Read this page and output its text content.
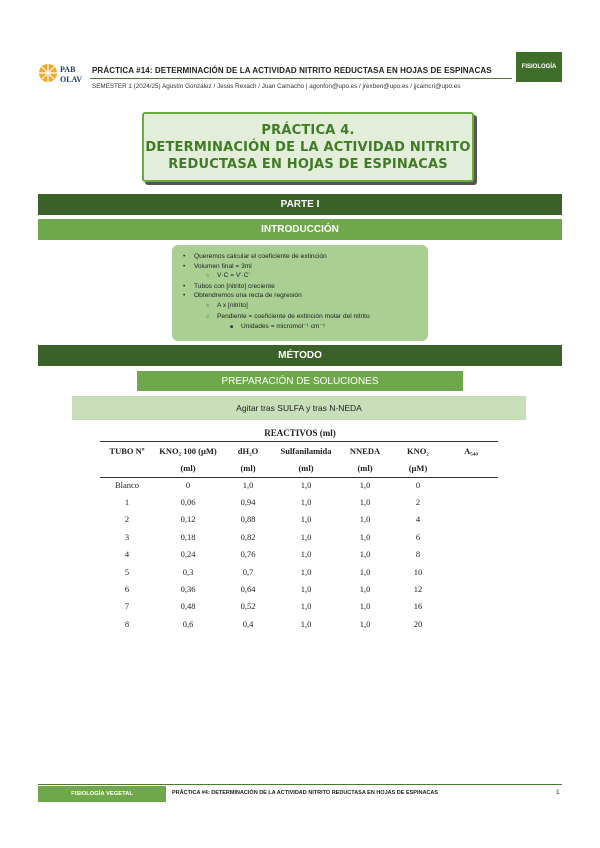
PAB
OLAV
PRÁCTICA #14: DETERMINACIÓN DE LA ACTIVIDAD NITRITO REDUCTASA EN HOJAS DE ESPINACAS
SEMESTER 1 (2024/25) Agustín González / Jesús Rexach / Juan Camacho | agonfon@upo.es / jrexben@upo.es / jjcamcri@upo.es
FISIOLOGÍA
PRÁCTICA 4.
DETERMINACIÓN DE LA ACTIVIDAD NITRITO
REDUCTASA EN HOJAS DE ESPINACAS
PARTE I
INTRODUCCIÓN
• Queremos calcular el coeficiente de extinción
• Volumen final = 3ml
○ V·C = V'·C'
• Tubos con [nitrito] creciente
• Obtendremos una recta de regresión
○ A x [nitrito]
○ Pendiente = coeficiente de extinción molar del nitrito
■ Unidades = micromol⁻¹ cm⁻¹
MÉTODO
PREPARACIÓN DE SOLUCIONES
Agitar tras SULFA y tras N-NEDA
REACTIVOS (ml)
TUBO Nº	KNO₂ 100 (µM)	dH₂O	Sulfanilamida	NNEDA	KNO₂	A₅₄₀
	(ml)	(ml)	(ml)	(ml)	(µM)	
Blanco	0	1,0	1,0	1,0	0	
1	0,06	0,94	1,0	1,0	2	
2	0,12	0,88	1,0	1,0	4	
3	0,18	0,82	1,0	1,0	6	
4	0,24	0,76	1,0	1,0	8	
5	0,3	0,7	1,0	1,0	10	
6	0,36	0,64	1,0	1,0	12	
7	0,48	0,52	1,0	1,0	16	
8	0,6	0,4	1,0	1,0	20	
FISIOLOGÍA VEGETAL	PRÁCTICA #4: DETERMINACIÓN DE LA ACTIVIDAD NITRITO REDUCTASA EN HOJAS DE ESPINACAS	1
